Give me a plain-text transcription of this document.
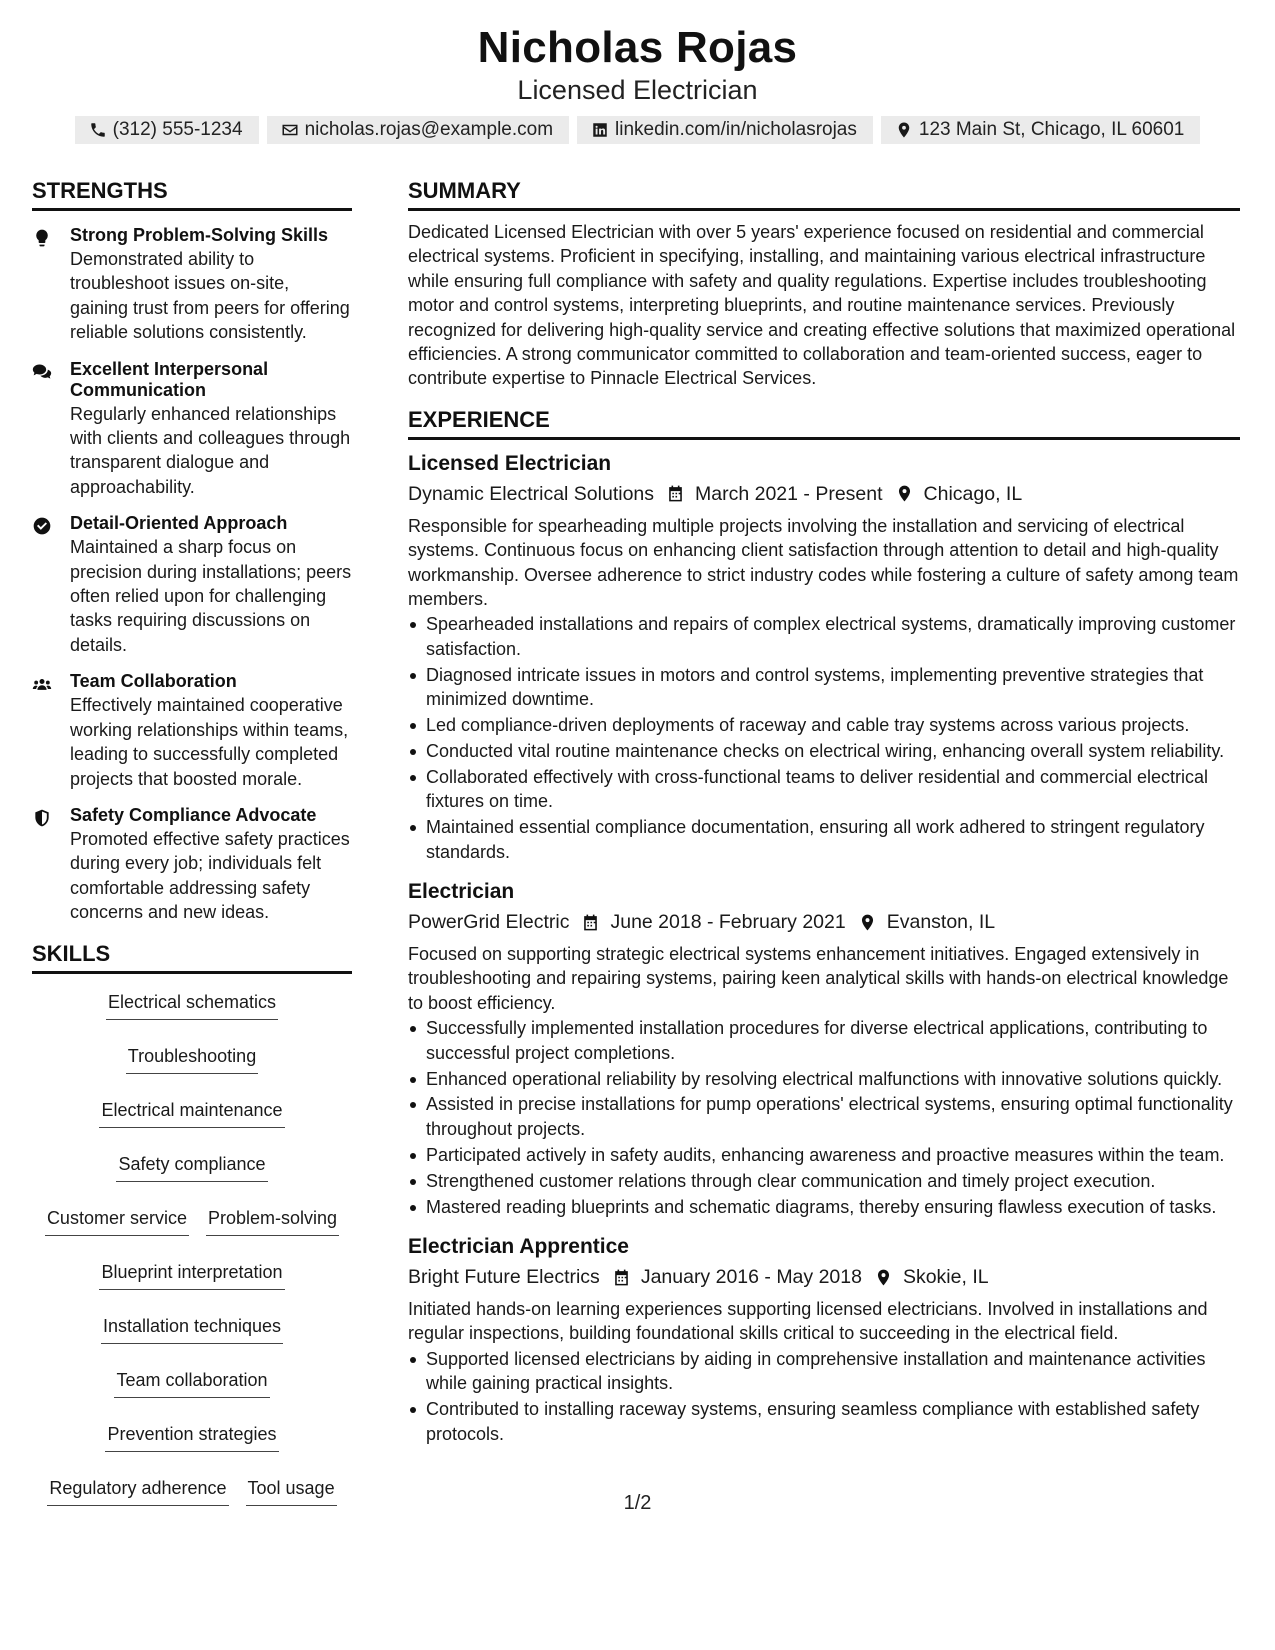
Nicholas Rojas
Licensed Electrician
(312) 555-1234	nicholas.rojas@example.com	linkedin.com/in/nicholasrojas	123 Main St, Chicago, IL 60601
STRENGTHS
Strong Problem-Solving Skills
Demonstrated ability to troubleshoot issues on-site, gaining trust from peers for offering reliable solutions consistently.
Excellent Interpersonal Communication
Regularly enhanced relationships with clients and colleagues through transparent dialogue and approachability.
Detail-Oriented Approach
Maintained a sharp focus on precision during installations; peers often relied upon for challenging tasks requiring discussions on details.
Team Collaboration
Effectively maintained cooperative working relationships within teams, leading to successfully completed projects that boosted morale.
Safety Compliance Advocate
Promoted effective safety practices during every job; individuals felt comfortable addressing safety concerns and new ideas.
SKILLS
Electrical schematics
Troubleshooting
Electrical maintenance
Safety compliance
Customer service Problem-solving
Blueprint interpretation
Installation techniques
Team collaboration
Prevention strategies
Regulatory adherence Tool usage
SUMMARY
Dedicated Licensed Electrician with over 5 years' experience focused on residential and commercial electrical systems. Proficient in specifying, installing, and maintaining various electrical infrastructure while ensuring full compliance with safety and quality regulations. Expertise includes troubleshooting motor and control systems, interpreting blueprints, and routine maintenance services. Previously recognized for delivering high-quality service and creating effective solutions that maximized operational efficiencies. A strong communicator committed to collaboration and team-oriented success, eager to contribute expertise to Pinnacle Electrical Services.
EXPERIENCE
Licensed Electrician
Dynamic Electrical Solutions March 2021 - Present Chicago, IL
Responsible for spearheading multiple projects involving the installation and servicing of electrical systems. Continuous focus on enhancing client satisfaction through attention to detail and high-quality workmanship. Oversee adherence to strict industry codes while fostering a culture of safety among team members.
Spearheaded installations and repairs of complex electrical systems, dramatically improving customer satisfaction.
Diagnosed intricate issues in motors and control systems, implementing preventive strategies that minimized downtime.
Led compliance-driven deployments of raceway and cable tray systems across various projects.
Conducted vital routine maintenance checks on electrical wiring, enhancing overall system reliability.
Collaborated effectively with cross-functional teams to deliver residential and commercial electrical fixtures on time.
Maintained essential compliance documentation, ensuring all work adhered to stringent regulatory standards.
Electrician
PowerGrid Electric June 2018 - February 2021 Evanston, IL
Focused on supporting strategic electrical systems enhancement initiatives. Engaged extensively in troubleshooting and repairing systems, pairing keen analytical skills with hands-on electrical knowledge to boost efficiency.
Successfully implemented installation procedures for diverse electrical applications, contributing to successful project completions.
Enhanced operational reliability by resolving electrical malfunctions with innovative solutions quickly.
Assisted in precise installations for pump operations' electrical systems, ensuring optimal functionality throughout projects.
Participated actively in safety audits, enhancing awareness and proactive measures within the team.
Strengthened customer relations through clear communication and timely project execution.
Mastered reading blueprints and schematic diagrams, thereby ensuring flawless execution of tasks.
Electrician Apprentice
Bright Future Electrics January 2016 - May 2018 Skokie, IL
Initiated hands-on learning experiences supporting licensed electricians. Involved in installations and regular inspections, building foundational skills critical to succeeding in the electrical field.
Supported licensed electricians by aiding in comprehensive installation and maintenance activities while gaining practical insights.
Contributed to installing raceway systems, ensuring seamless compliance with established safety protocols.
1/2
